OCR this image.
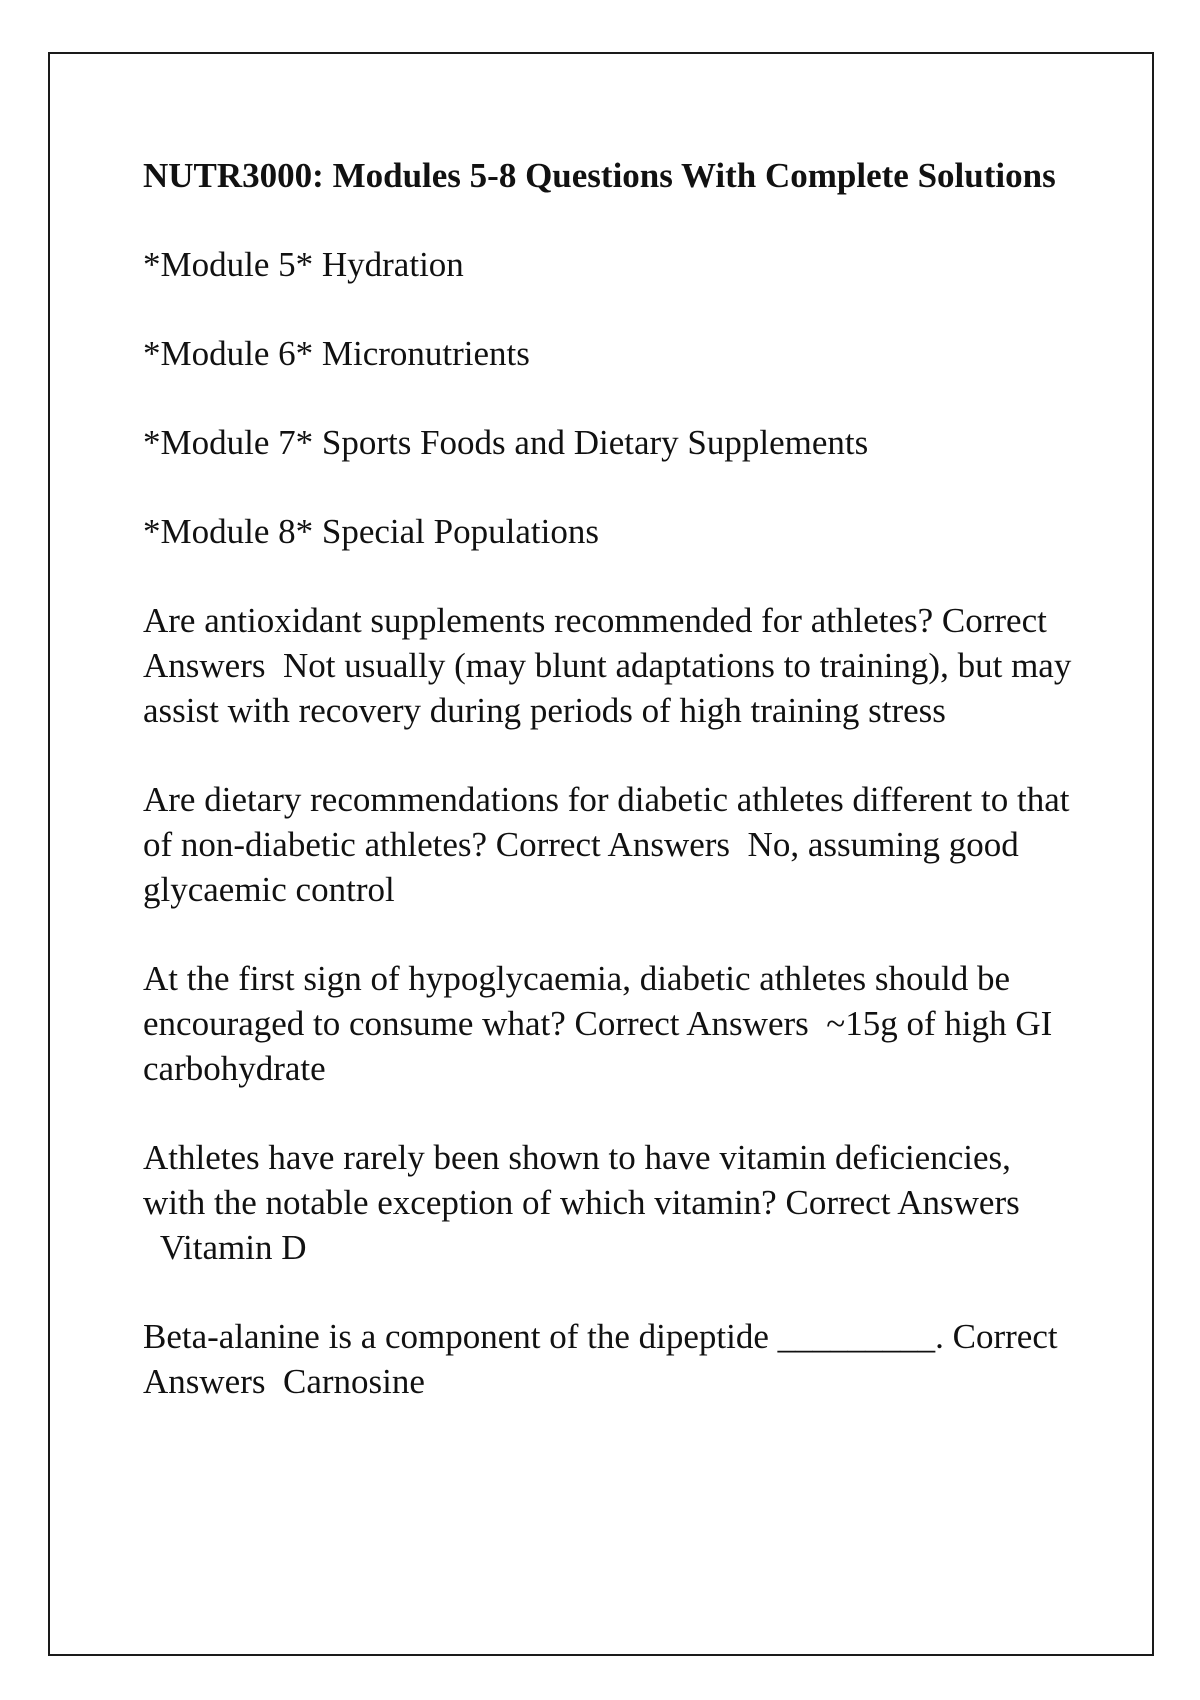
NUTR3000: Modules 5-8 Questions With Complete Solutions

*Module 5* Hydration

*Module 6* Micronutrients

*Module 7* Sports Foods and Dietary Supplements

*Module 8* Special Populations

Are antioxidant supplements recommended for athletes? Correct Answers Not usually (may blunt adaptations to training), but may assist with recovery during periods of high training stress

Are dietary recommendations for diabetic athletes different to that of non-diabetic athletes? Correct Answers No, assuming good glycaemic control

At the first sign of hypoglycaemia, diabetic athletes should be encouraged to consume what? Correct Answers ~15g of high GI carbohydrate

Athletes have rarely been shown to have vitamin deficiencies, with the notable exception of which vitamin? Correct Answers  Vitamin D

Beta-alanine is a component of the dipeptide _________. Correct Answers Carnosine
